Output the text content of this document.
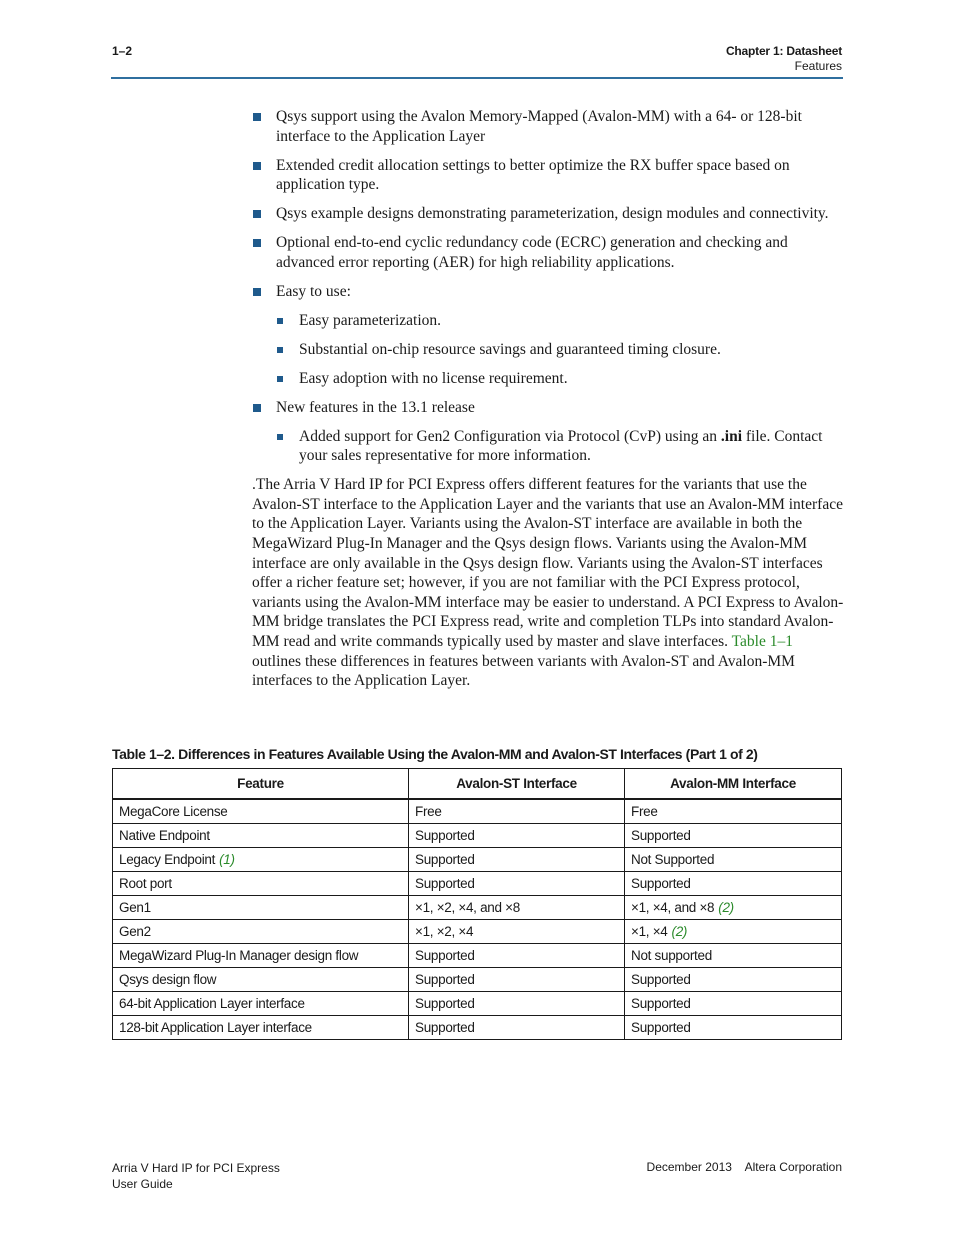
1–2	Chapter 1: Datasheet
Features
Qsys support using the Avalon Memory-Mapped (Avalon-MM) with a 64- or 128-bit interface to the Application Layer
Extended credit allocation settings to better optimize the RX buffer space based on application type.
Qsys example designs demonstrating parameterization, design modules and connectivity.
Optional end-to-end cyclic redundancy code (ECRC) generation and checking and advanced error reporting (AER) for high reliability applications.
Easy to use:
Easy parameterization.
Substantial on-chip resource savings and guaranteed timing closure.
Easy adoption with no license requirement.
New features in the 13.1 release
Added support for Gen2 Configuration via Protocol (CvP) using an .ini file. Contact your sales representative for more information.

.The Arria V Hard IP for PCI Express offers different features for the variants that use the Avalon-ST interface to the Application Layer and the variants that use an Avalon-MM interface to the Application Layer. Variants using the Avalon-ST interface are available in both the MegaWizard Plug-In Manager and the Qsys design flows. Variants using the Avalon-MM interface are only available in the Qsys design flow. Variants using the Avalon-ST interfaces offer a richer feature set; however, if you are not familiar with the PCI Express protocol, variants using the Avalon-MM interface may be easier to understand. A PCI Express to Avalon-MM bridge translates the PCI Express read, write and completion TLPs into standard Avalon-MM read and write commands typically used by master and slave interfaces. Table 1–1 outlines these differences in features between variants with Avalon-ST and Avalon-MM interfaces to the Application Layer.

Table 1–2. Differences in Features Available Using the Avalon-MM and Avalon-ST Interfaces (Part 1 of 2)
Feature	Avalon-ST Interface	Avalon-MM Interface
MegaCore License	Free	Free
Native Endpoint	Supported	Supported
Legacy Endpoint (1)	Supported	Not Supported
Root port	Supported	Supported
Gen1	×1, ×2, ×4, and ×8	×1, ×4, and ×8 (2)
Gen2	×1, ×2, ×4	×1, ×4 (2)
MegaWizard Plug-In Manager design flow	Supported	Not supported
Qsys design flow	Supported	Supported
64-bit Application Layer interface	Supported	Supported
128-bit Application Layer interface	Supported	Supported
Arria V Hard IP for PCI Express
User Guide
December 2013    Altera Corporation
